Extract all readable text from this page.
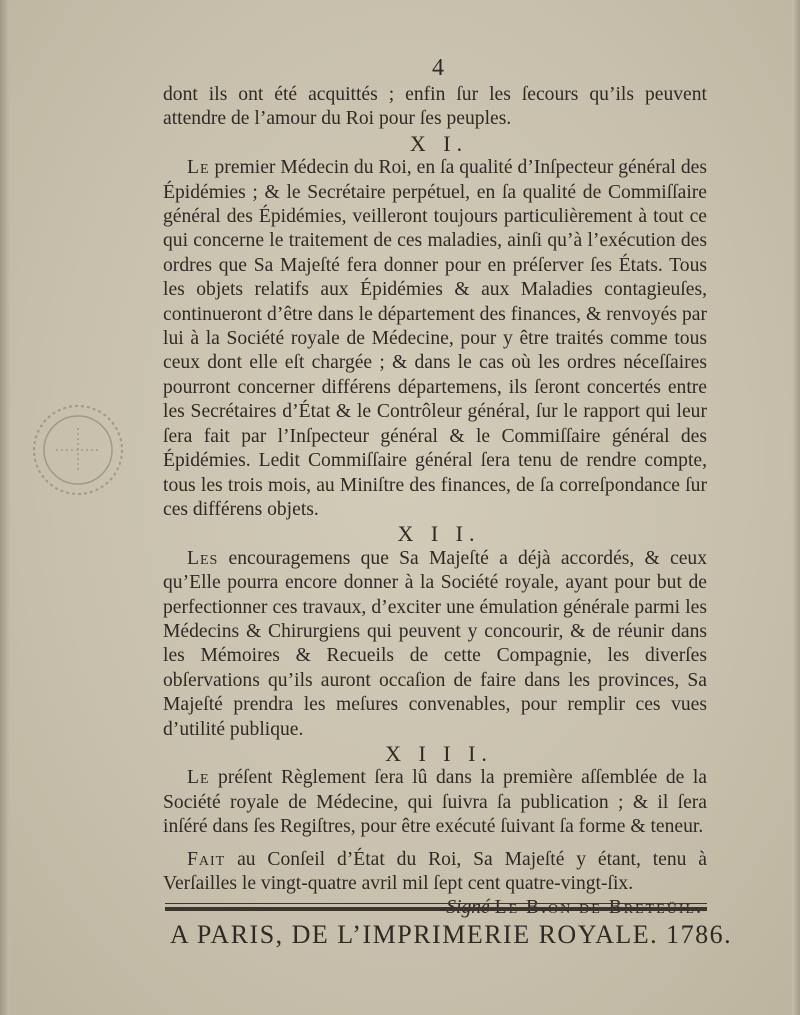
4

dont ils ont été acquittés ; enfin ſur les ſecours qu’ils peuvent attendre de l’amour du Roi pour ſes peuples.

X I.

Le premier Médecin du Roi, en ſa qualité d’Inſpecteur général des Épidémies ; & le Secrétaire perpétuel, en ſa qualité de Commiſſaire général des Épidémies, veilleront toujours particulièrement à tout ce qui concerne le traitement de ces maladies, ainſi qu’à l’exécution des ordres que Sa Majeſté fera donner pour en préſerver ſes États. Tous les objets relatifs aux Épidémies & aux Maladies contagieuſes, continueront d’être dans le département des finances, & renvoyés par lui à la Société royale de Médecine, pour y être traités comme tous ceux dont elle eſt chargée ; & dans le cas où les ordres néceſſaires pourront concerner différens départemens, ils ſeront concertés entre les Secrétaires d’État & le Contrôleur général, ſur le rapport qui leur ſera fait par l’Inſpecteur général & le Commiſſaire général des Épidémies. Ledit Commiſſaire général ſera tenu de rendre compte, tous les trois mois, au Miniſtre des finances, de ſa correſpondance ſur ces différens objets.

X I I.

Les encouragemens que Sa Majeſté a déjà accordés, & ceux qu’Elle pourra encore donner à la Société royale, ayant pour but de perfectionner ces travaux, d’exciter une émulation générale parmi les Médecins & Chirurgiens qui peuvent y concourir, & de réunir dans les Mémoires & Recueils de cette Compagnie, les diverſes obſervations qu’ils auront occaſion de faire dans les provinces, Sa Majeſté prendra les meſures convenables, pour remplir ces vues d’utilité publique.

X I I I.

Le préſent Règlement ſera lû dans la première aſſemblée de la Société royale de Médecine, qui ſuivra ſa publication ; & il ſera inſéré dans ſes Regiſtres, pour être exécuté ſuivant ſa forme & teneur.

Fait au Conſeil d’État du Roi, Sa Majeſté y étant, tenu à Verſailles le vingt-quatre avril mil ſept cent quatre-vingt-ſix.

A PARIS, DE L’IMPRIMERIE ROYALE. 1786.
